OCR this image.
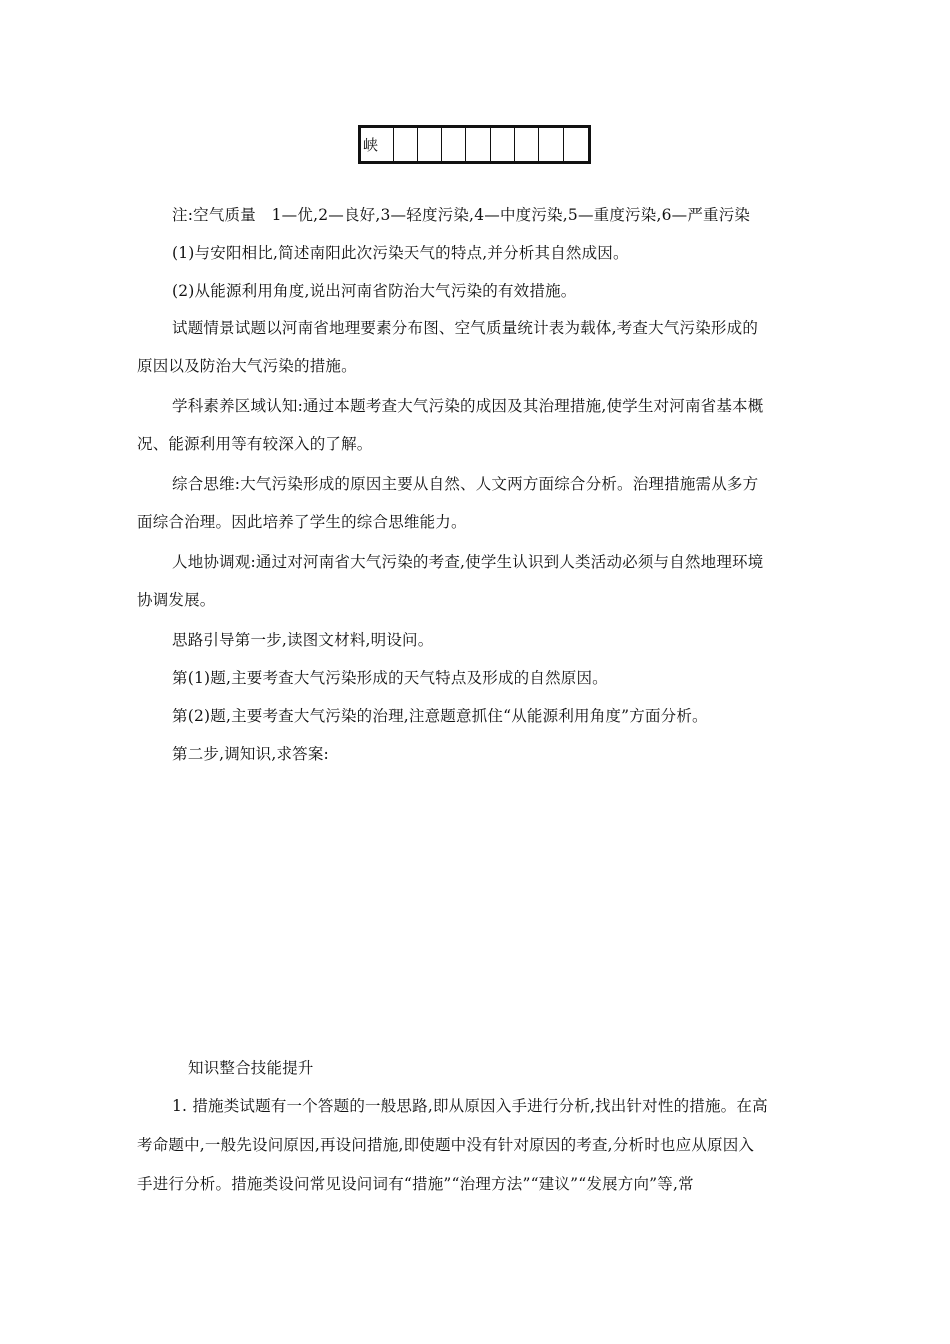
峡
注:空气质量　1—优,2—良好,3—轻度污染,4—中度污染,5—重度污染,6—严重污染
(1)与安阳相比,简述南阳此次污染天气的特点,并分析其自然成因。
(2)从能源利用角度,说出河南省防治大气污染的有效措施。
试题情景试题以河南省地理要素分布图、空气质量统计表为载体,考查大气污染形成的
原因以及防治大气污染的措施。
学科素养区域认知:通过本题考查大气污染的成因及其治理措施,使学生对河南省基本概
况、能源利用等有较深入的了解。
综合思维:大气污染形成的原因主要从自然、人文两方面综合分析。治理措施需从多方
面综合治理。因此培养了学生的综合思维能力。
人地协调观:通过对河南省大气污染的考查,使学生认识到人类活动必须与自然地理环境
协调发展。
思路引导第一步,读图文材料,明设问。
第(1)题,主要考查大气污染形成的天气特点及形成的自然原因。
第(2)题,主要考查大气污染的治理,注意题意抓住“从能源利用角度”方面分析。
第二步,调知识,求答案:
知识整合技能提升
1. 措施类试题有一个答题的一般思路,即从原因入手进行分析,找出针对性的措施。在高
考命题中,一般先设问原因,再设问措施,即使题中没有针对原因的考查,分析时也应从原因入
手进行分析。措施类设问常见设问词有“措施”“治理方法”“建议”“发展方向”等,常
